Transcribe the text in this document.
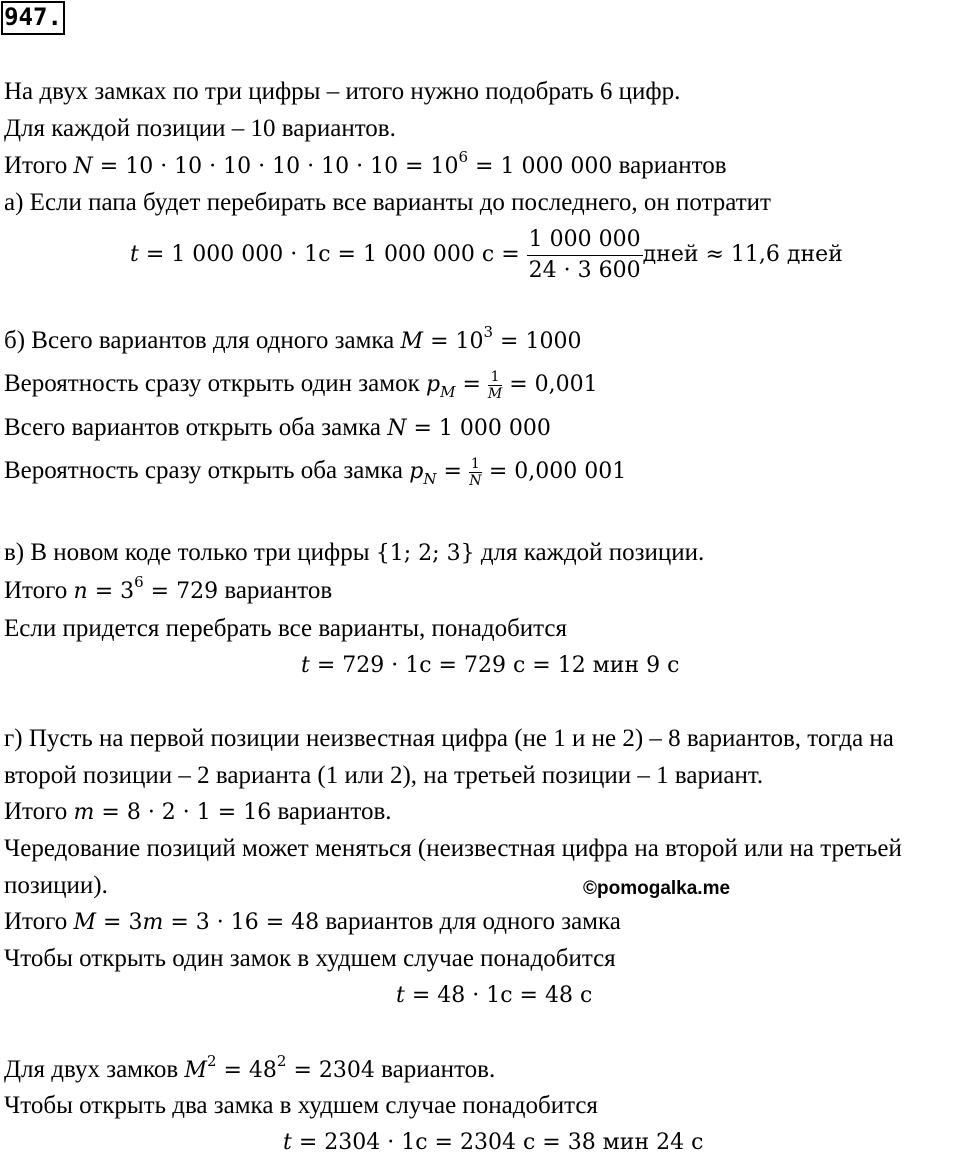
947.
На двух замках по три цифры – итого нужно подобрать 6 цифр.
Для каждой позиции – 10 вариантов.
Итого $N = 10 \cdot 10 \cdot 10 \cdot 10 \cdot 10 \cdot 10 = 10^6 = 1$ 000 000 вариантов
а) Если папа будет перебирать все варианты до последнего, он потратит
t = 1 000 000 · 1с = 1 000 000 $с = \frac{1 000 000}{24 \cdot 3 600}$ дней ≈ 11,6 дней
б) Всего вариантов для одного замка $M = 10^3 = 1000$
Вероятность сразу открыть один замок $p_M = \frac{1}{M} = 0,001$
Всего вариантов открыть оба замка N = 1 000 000
Вероятность сразу открыть оба замка $p_N = \frac{1}{N} = 0,000$ 001
в) В новом коде только три цифры {1; 2; 3} для каждой позиции.
Итого $n = 3^6 = 729$ вариантов
Если придется перебрать все варианты, понадобится
t = 729 · 1с = 729 с = 12 мин 9 с
г) Пусть на первой позиции неизвестная цифра (не 1 и не 2) – 8 вариантов, тогда на
второй позиции – 2 варианта (1 или 2), на третьей позиции – 1 вариант.
Итого m = 8 · 2 · 1 = 16 вариантов.
Чередование позиций может меняться (неизвестная цифра на второй или на третьей
позиции).	©pomogalka.me
Итого M = 3m = 3 · 16 = 48 вариантов для одного замка
Чтобы открыть один замок в худшем случае понадобится
t = 48 · 1с = 48 с
Для двух замков $M^2 = 48^2 = 2304$ вариантов.
Чтобы открыть два замка в худшем случае понадобится
t = 2304 · 1с = 2304 с = 38 мин 24 с
